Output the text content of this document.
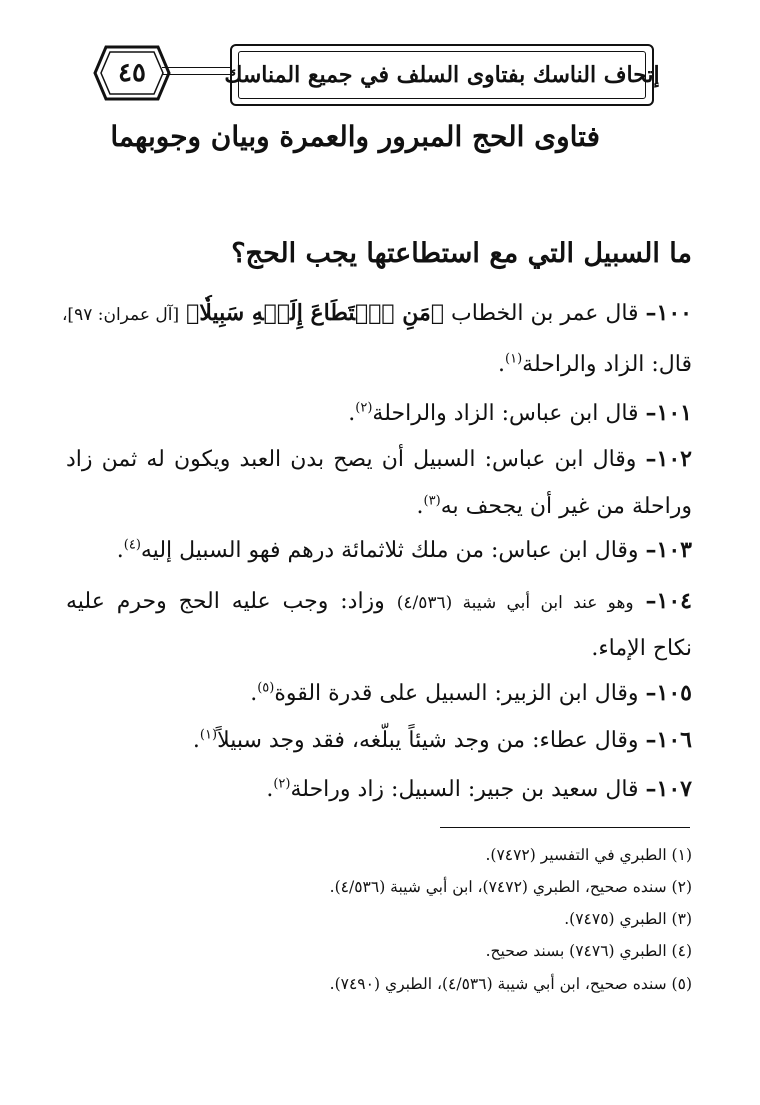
٤٥	إتحاف الناسك بفتاوى السلف في جميع المناسك
فتاوى الحج المبرور والعمرة وبيان وجوبهما
ما السبيل التي مع استطاعتها يجب الحج؟
١٠٠– قال عمر بن الخطاب ﴿مَنِ ٱسۡتَطَاعَ إِلَيۡهِ سَبِيلٗا﴾ [آل عمران: ٩٧]،
قال: الزاد والراحلة$^{(١)}$.
١٠١– قال ابن عباس: الزاد والراحلة$^{(٢)}$.
١٠٢– وقال ابن عباس: السبيل أن يصح بدن العبد ويكون له ثمن زاد
وراحلة من غير أن يجحف به$^{(٣)}$.
١٠٣– وقال ابن عباس: من ملك ثلاثمائة درهم فهو السبيل إليه$^{(٤)}$.
١٠٤– وهو عند ابن أبي شيبة (٤/٥٣٦) وزاد: وجب عليه الحج وحرم عليه
نكاح الإماء.
١٠٥– وقال ابن الزبير: السبيل على قدرة القوة$^{(٥)}$.
١٠٦– وقال عطاء: من وجد شيئاً يبلّغه، فقد وجد سبيلاً$^{(١)}$.
١٠٧– قال سعيد بن جبير: السبيل: زاد وراحلة$^{(٢)}$.
(١) الطبري في التفسير (٧٤٧٢).
(٢) سنده صحيح، الطبري (٧٤٧٢)، ابن أبي شيبة (٤/٥٣٦).
(٣) الطبري (٧٤٧٥).
(٤) الطبري (٧٤٧٦) بسند صحيح.
(٥) سنده صحيح، ابن أبي شيبة (٤/٥٣٦)، الطبري (٧٤٩٠).
